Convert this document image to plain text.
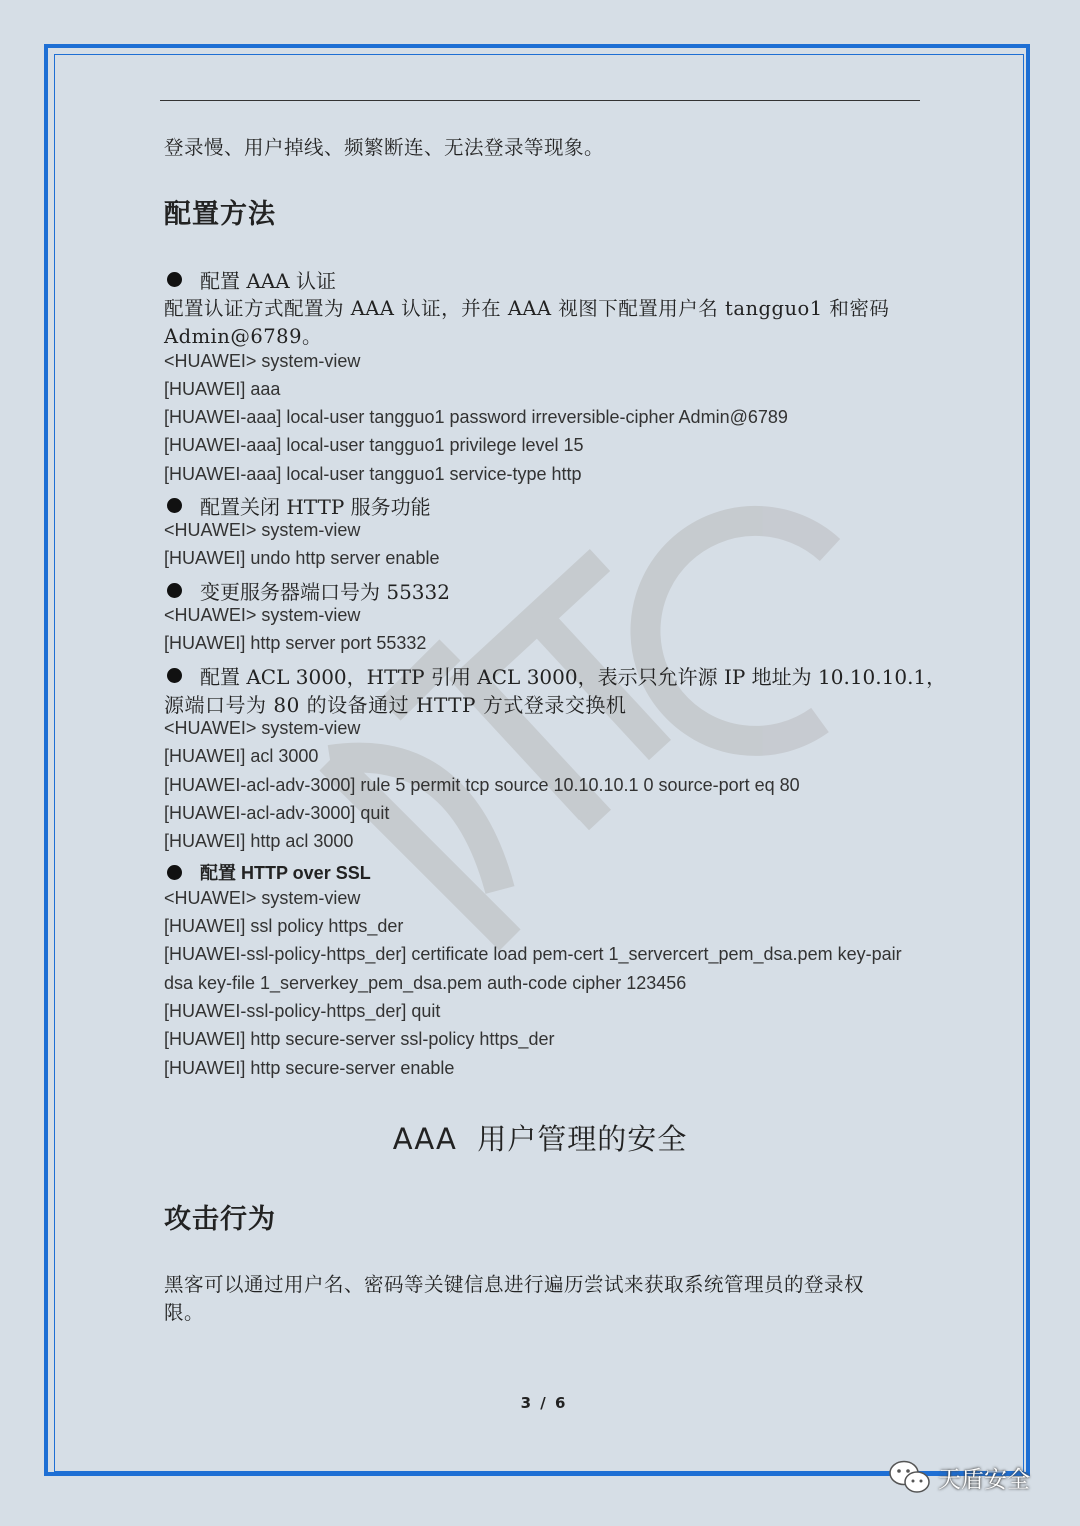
登录慢、用户掉线、频繁断连、无法登录等现象。
配置方法
配置 AAA 认证
配置认证方式配置为 AAA 认证，并在 AAA 视图下配置用户名 tangguo1 和密码
Admin@6789。
<HUAWEI> system-view
[HUAWEI] aaa
[HUAWEI-aaa] local-user tangguo1 password irreversible-cipher Admin@6789
[HUAWEI-aaa] local-user tangguo1 privilege level 15
[HUAWEI-aaa] local-user tangguo1 service-type http
配置关闭 HTTP 服务功能
<HUAWEI> system-view
[HUAWEI] undo http server enable
变更服务器端口号为 55332
<HUAWEI> system-view
[HUAWEI] http server port 55332
配置 ACL 3000，HTTP 引用 ACL 3000，表示只允许源 IP 地址为 10.10.10.1，
源端口号为 80 的设备通过 HTTP 方式登录交换机
<HUAWEI> system-view
[HUAWEI] acl 3000
[HUAWEI-acl-adv-3000] rule 5 permit tcp source 10.10.10.1 0 source-port eq 80
[HUAWEI-acl-adv-3000] quit
[HUAWEI] http acl 3000
配置 HTTP over SSL
<HUAWEI> system-view
[HUAWEI] ssl policy https_der
[HUAWEI-ssl-policy-https_der] certificate load pem-cert 1_servercert_pem_dsa.pem key-pair
dsa key-file 1_serverkey_pem_dsa.pem auth-code cipher 123456
[HUAWEI-ssl-policy-https_der] quit
[HUAWEI] http secure-server ssl-policy https_der
[HUAWEI] http secure-server enable
攻击行为
黑客可以通过用户名、密码等关键信息进行遍历尝试来获取系统管理员的登录权
限。
AAA  用户管理的安全
3 / 6
天盾安全
